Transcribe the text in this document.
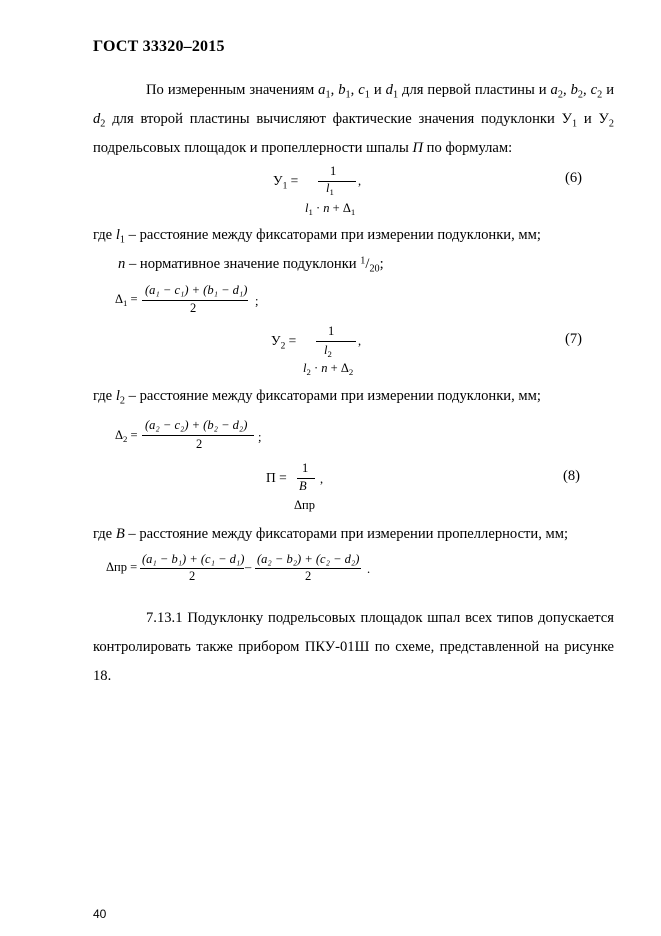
ГОСТ 33320–2015

По измеренным значениям $a_1$, $b_1$, $c_1$ и $d_1$ для первой пластины и $a_2$, $b_2$, $c_2$ и $d_2$ для второй пластины вычисляют фактические значения подуклонки $У_1$ и $У_2$ подрельсовых площадок и пропеллерности шпалы П по формулам:

$У_1$ =
1
$l_1$
$l_1 \cdot n + \Delta_1$
,	(6)
где $l_1$ – расстояние между фиксаторами при измерении подуклонки, мм;
n – нормативное значение подуклонки $^1/_{20}$;
$\Delta_1$ =
(a₁ − c₁) + (b₁ − d₁)
2	;
$У_2$ =
1
$l_2$
$l_2 \cdot n + \Delta_2$
,	(7)
где $l_2$ – расстояние между фиксаторами при измерении подуклонки, мм;
$\Delta_2$ =
(a₂ − c₂) + (b₂ − d₂)
2	;
П =
1
B
Δпр
,	(8)
где B – расстояние между фиксаторами при измерении пропеллерности, мм;
Δпр =
(a₁ − b₁) + (c₁ − d₁)
2
–
(a₂ − b₂) + (c₂ − d₂)
2	.

7.13.1 Подуклонку подрельсовых площадок шпал всех типов допускается контролировать также прибором ПКУ-01Ш по схеме, представленной на рисунке 18.

40
